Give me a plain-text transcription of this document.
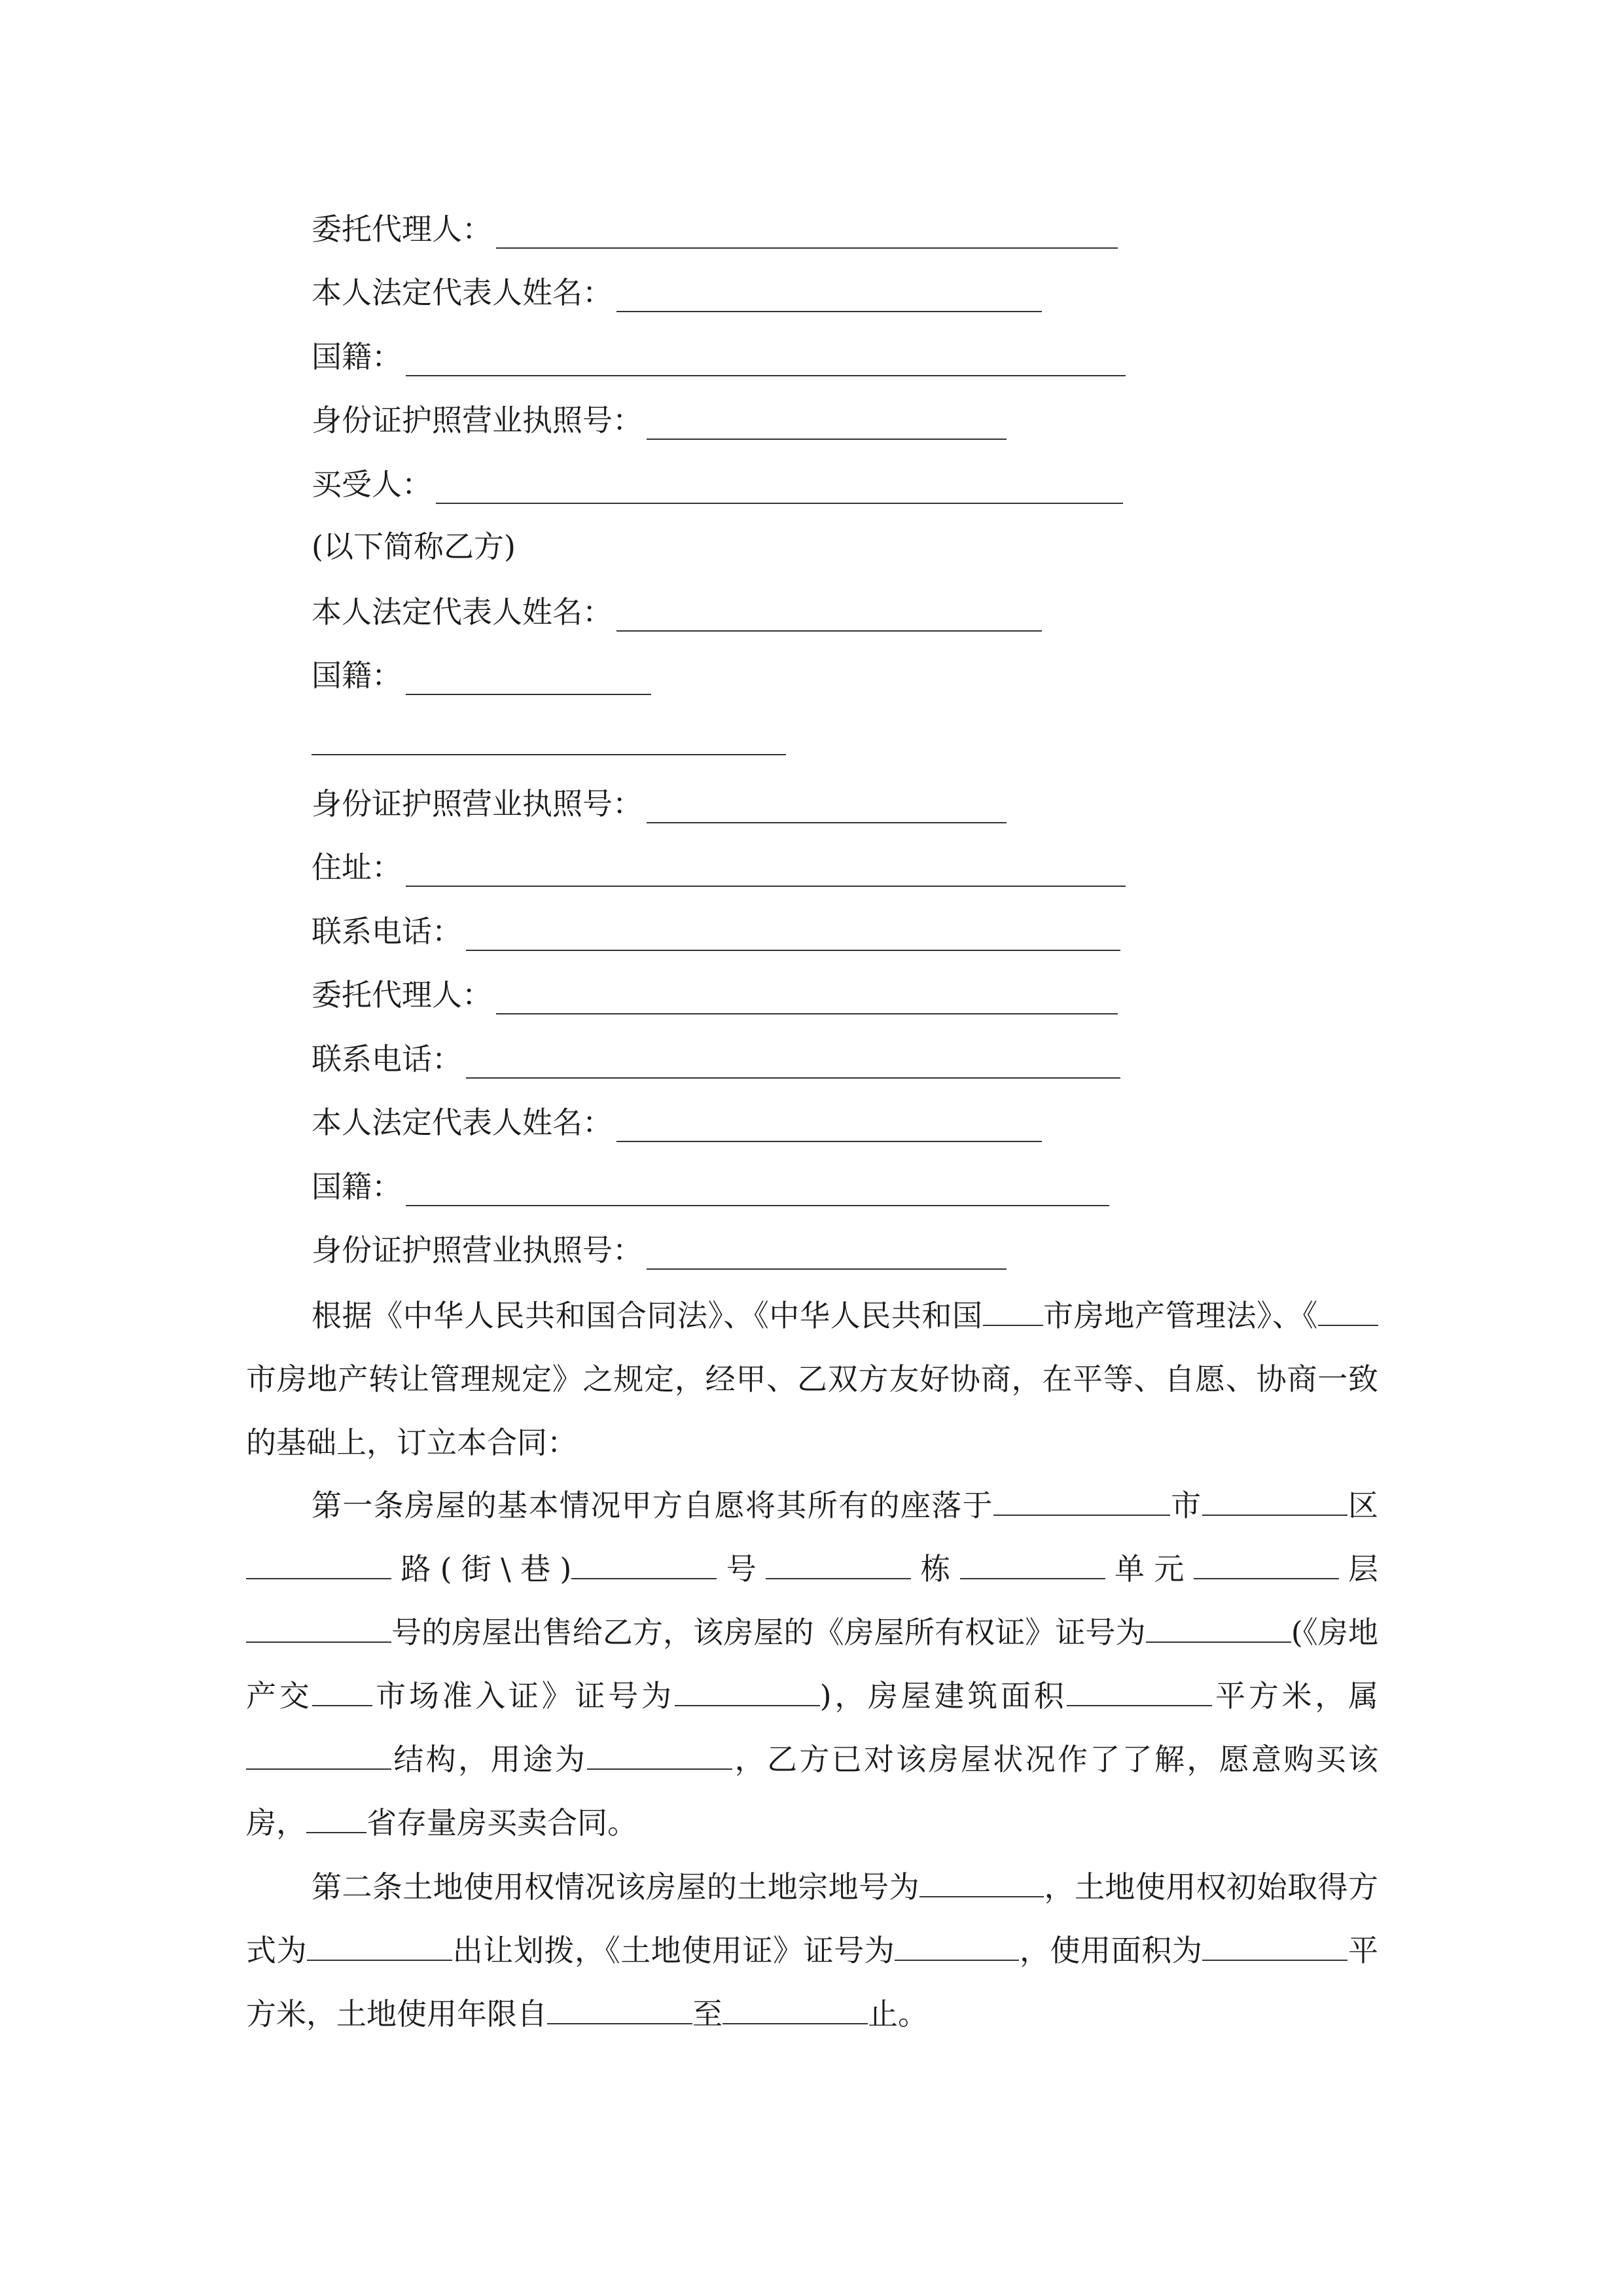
委托代理人：
本人法定代表人姓名：
国籍：
身份证护照营业执照号：
买受人：
(以下简称乙方)
本人法定代表人姓名：
国籍：
身份证护照营业执照号：
住址：
联系电话：
委托代理人：
联系电话：
本人法定代表人姓名：
国籍：
身份证护照营业执照号：
根据《中华人民共和国合同法》、《中华人民共和国 市房地产管理法》、《市房地产转让管理规定》之规定，经甲、乙双方友好协商，在平等、自愿、协商一致的基础上，订立本合同：
第一条房屋的基本情况甲方自愿将其所有的座落于	市	区路(街\巷)	号	栋	单元	层号的房屋出售给乙方，该房屋的《房屋所有权证》证号为	(《房地产交 市场准入证》证号为	)，房屋建筑面积	平方米，属结构，用途为	，乙方已对该房屋状况作了了解，愿意购买该房， 省存量房买卖合同。
第二条土地使用权情况该房屋的土地宗地号为	，土地使用权初始取得方式为	出让划拨，《土地使用证》证号为	，使用面积为	平方米，土地使用年限自	至	止。
